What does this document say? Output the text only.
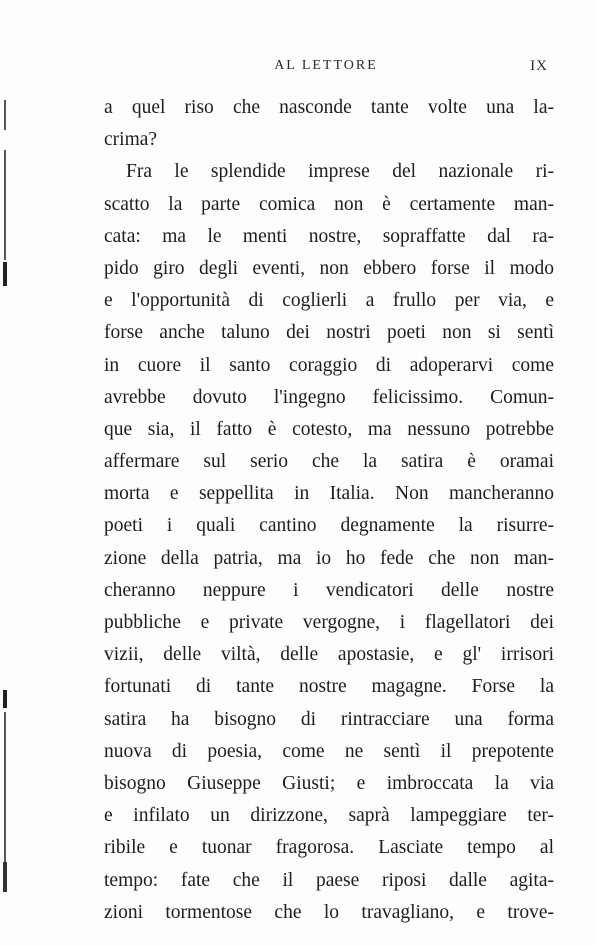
AL LETTORE	IX
a quel riso che nasconde tante volte una la-
crima?
Fra le splendide imprese del nazionale ri-
scatto la parte comica non è certamente man-
cata: ma le menti nostre, sopraffatte dal ra-
pido giro degli eventi, non ebbero forse il modo
e l'opportunità di coglierli a frullo per via, e
forse anche taluno dei nostri poeti non si sentì
in cuore il santo coraggio di adoperarvi come
avrebbe dovuto l'ingegno felicissimo. Comun-
que sia, il fatto è cotesto, ma nessuno potrebbe
affermare sul serio che la satira è oramai
morta e seppellita in Italia. Non mancheranno
poeti i quali cantino degnamente la risurre-
zione della patria, ma io ho fede che non man-
cheranno neppure i vendicatori delle nostre
pubbliche e private vergogne, i flagellatori dei
vizii, delle viltà, delle apostasie, e gl' irrisori
fortunati di tante nostre magagne. Forse la
satira ha bisogno di rintracciare una forma
nuova di poesia, come ne sentì il prepotente
bisogno Giuseppe Giusti; e imbroccata la via
e infilato un dirizzone, saprà lampeggiare ter-
ribile e tuonar fragorosa. Lasciate tempo al
tempo: fate che il paese riposi dalle agita-
zioni tormentose che lo travagliano, e trove-
